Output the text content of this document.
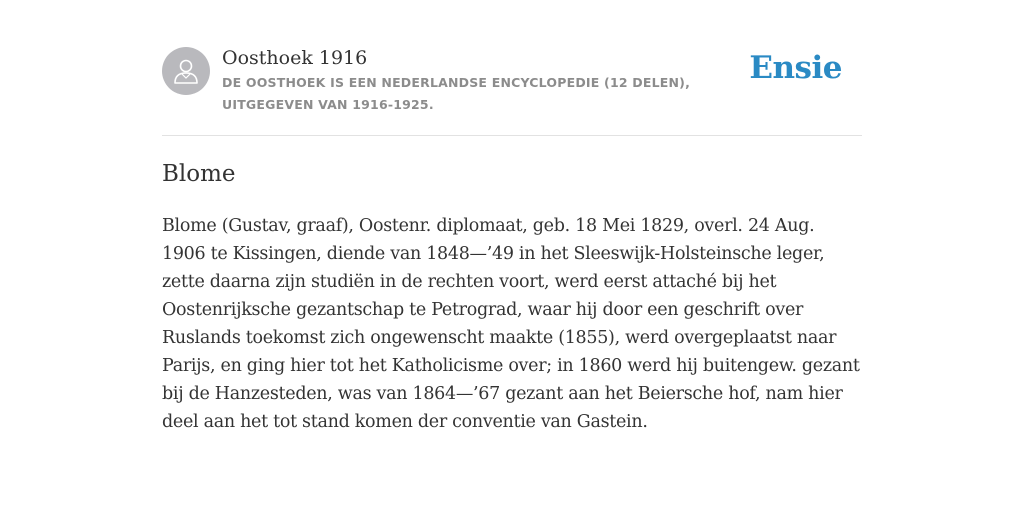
Oosthoek 1916
DE OOSTHOEK IS EEN NEDERLANDSE ENCYCLOPEDIE (12 DELEN), UITGEGEVEN VAN 1916-1925.
Ensie
Blome

Blome (Gustav, graaf), Oostenr. diplomaat, geb. 18 Mei 1829, overl. 24 Aug. 1906 te Kissingen, diende van 1848—’49 in het Sleeswijk-Holsteinsche leger, zette daarna zijn studiën in de rechten voort, werd eerst attaché bij het Oostenrijksche gezantschap te Petrograd, waar hij door een geschrift over Ruslands toekomst zich ongewenscht maakte (1855), werd overgeplaatst naar Parijs, en ging hier tot het Katholicisme over; in 1860 werd hij buitengew. gezant bij de Hanzesteden, was van 1864—’67 gezant aan het Beiersche hof, nam hier deel aan het tot stand komen der conventie van Gastein.
